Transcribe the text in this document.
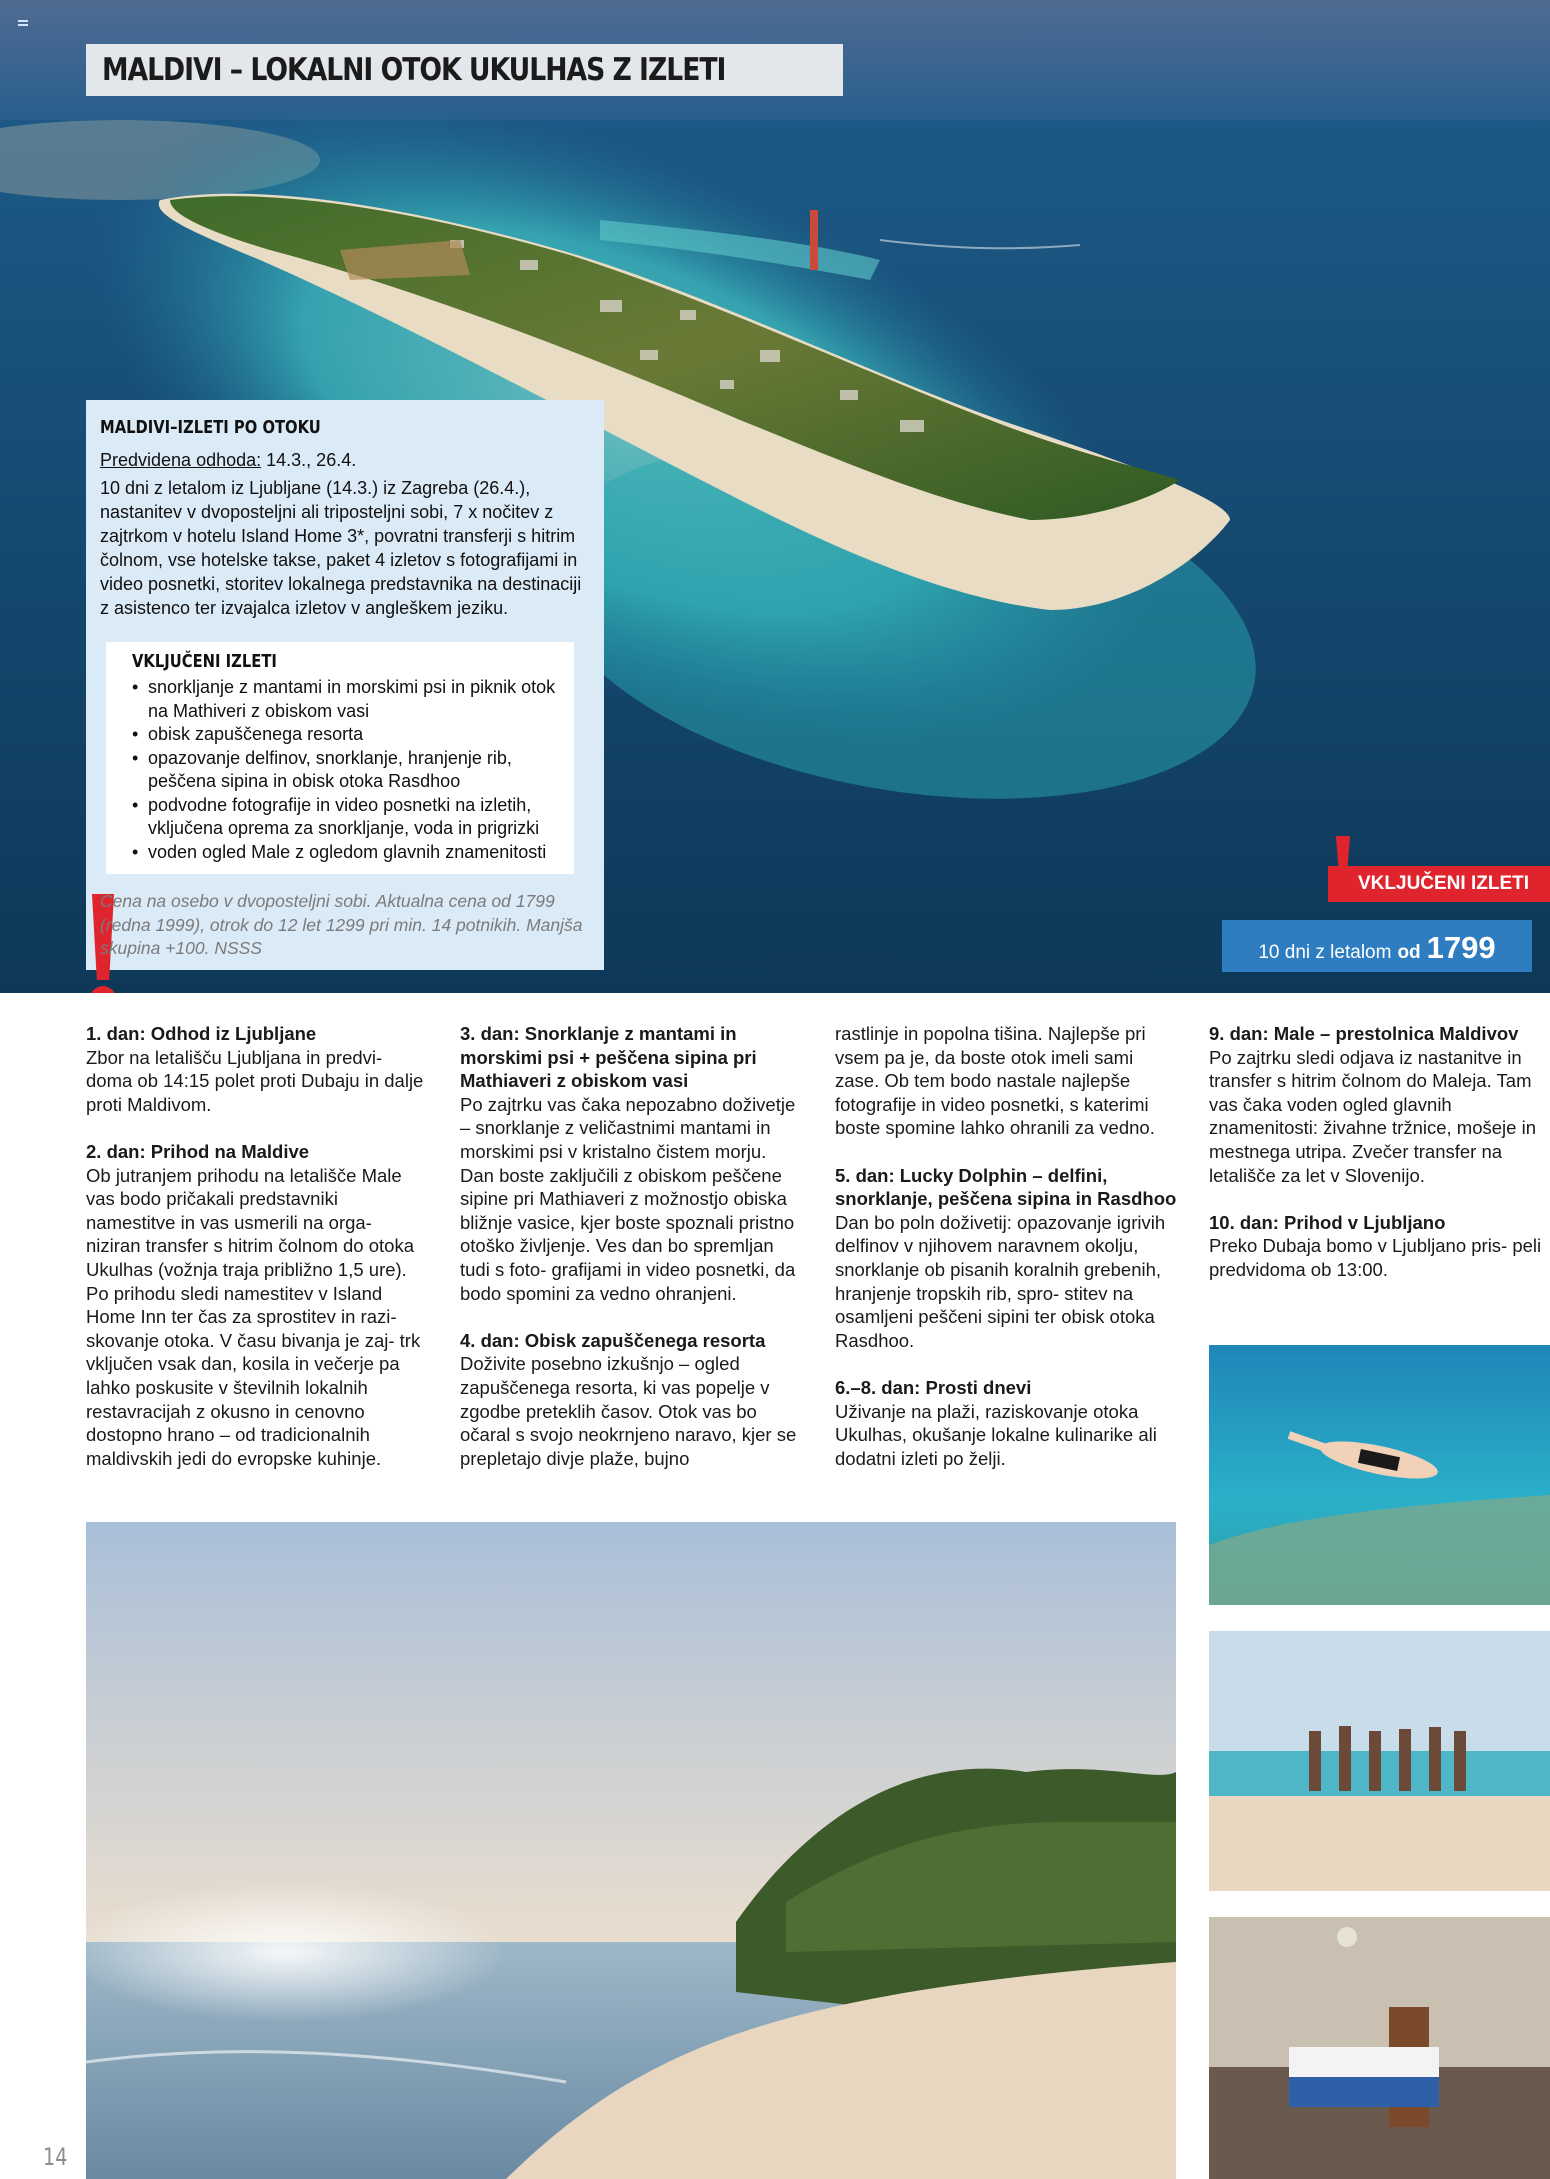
MALDIVI – LOKALNI OTOK UKULHAS Z IZLETI
MALDIVI–IZLETI PO OTOKU
Predvidena odhoda: 14.3., 26.4.
10 dni z letalom iz Ljubljane (14.3.) iz Zagreba (26.4.), nastanitev v dvoposteljni ali triposteljni sobi, 7 x nočitev z zajtrkom v hotelu Island Home 3*, povratni transferji s hitrim čolnom, vse hotelske takse, paket 4 izletov s fotografijami in video posnetki, storitev lokalnega predstavnika na destinaciji z asistenco ter izvajalca izletov v angleškem jeziku.
VKLJUČENI IZLETI
• snorkljanje z mantami in morskimi psi in piknik otok na Mathiveri z obiskom vasi
• obisk zapuščenega resorta
• opazovanje delfinov, snorklanje, hranjenje rib, peščena sipina in obisk otoka Rasdhoo
• podvodne fotografije in video posnetki na izletih, vključena oprema za snorkljanje, voda in prigrizki
• voden ogled Male z ogledom glavnih znamenitosti
Cena na osebo v dvoposteljni sobi. Aktualna cena od 1799 (redna 1999), otrok do 12 let 1299 pri min. 14 potnikih. Manjša skupina +100. NSSS
VKLJUČENI IZLETI
10 dni z letalom od 1799
1. dan: Odhod iz Ljubljane

Zbor na letališču Ljubljana in predvi- doma ob 14:15 polet proti Dubaju in dalje proti Maldivom.

2. dan: Prihod na Maldive

Ob jutranjem prihodu na letališče Male vas bodo pričakali predstavniki namestitve in vas usmerili na orga- niziran transfer s hitrim čolnom do otoka Ukulhas (vožnja traja približno 1,5 ure).

Po prihodu sledi namestitev v Island Home Inn ter čas za sprostitev in razi- skovanje otoka. V času bivanja je zaj- trk vključen vsak dan, kosila in večerje pa lahko poskusite v številnih lokalnih restavracijah z okusno in cenovno dostopno hrano – od tradicionalnih maldivskih jedi do evropske kuhinje.

3. dan: Snorklanje z mantami in morskimi psi + peščena sipina pri Mathiaveri z obiskom vasi

Po zajtrku vas čaka nepozabno doživetje – snorklanje z veličastnimi mantami in morskimi psi v kristalno čistem morju. Dan boste zaključili z obiskom peščene sipine pri Mathiaveri z možnostjo obiska bližnje vasice, kjer boste spoznali pristno otoško življenje. Ves dan bo spremljan tudi s foto- grafijami in video posnetki, da bodo spomini za vedno ohranjeni.

4. dan: Obisk zapuščenega resorta

Doživite posebno izkušnjo – ogled zapuščenega resorta, ki vas popelje v zgodbe preteklih časov. Otok vas bo očaral s svojo neokrnjeno naravo, kjer se prepletajo divje plaže, bujno

rastlinje in popolna tišina. Najlepše pri vsem pa je, da boste otok imeli sami zase. Ob tem bodo nastale najlepše fotografije in video posnetki, s katerimi boste spomine lahko ohranili za vedno.

5. dan: Lucky Dolphin – delfini, snorklanje, peščena sipina in Rasdhoo

Dan bo poln doživetij: opazovanje igrivih delfinov v njihovem naravnem okolju, snorklanje ob pisanih koralnih grebenih, hranjenje tropskih rib, spro- stitev na osamljeni peščeni sipini ter obisk otoka Rasdhoo.

6.–8. dan: Prosti dnevi

Uživanje na plaži, raziskovanje otoka Ukulhas, okušanje lokalne kulinarike ali dodatni izleti po želji.

9. dan: Male – prestolnica Maldivov

Po zajtrku sledi odjava iz nastanitve in transfer s hitrim čolnom do Maleja. Tam vas čaka voden ogled glavnih znamenitosti: živahne tržnice, mošeje in mestnega utripa. Zvečer transfer na letališče za let v Slovenijo.

10. dan: Prihod v Ljubljano

Preko Dubaja bomo v Ljubljano pris- peli predvidoma ob 13:00.

14
